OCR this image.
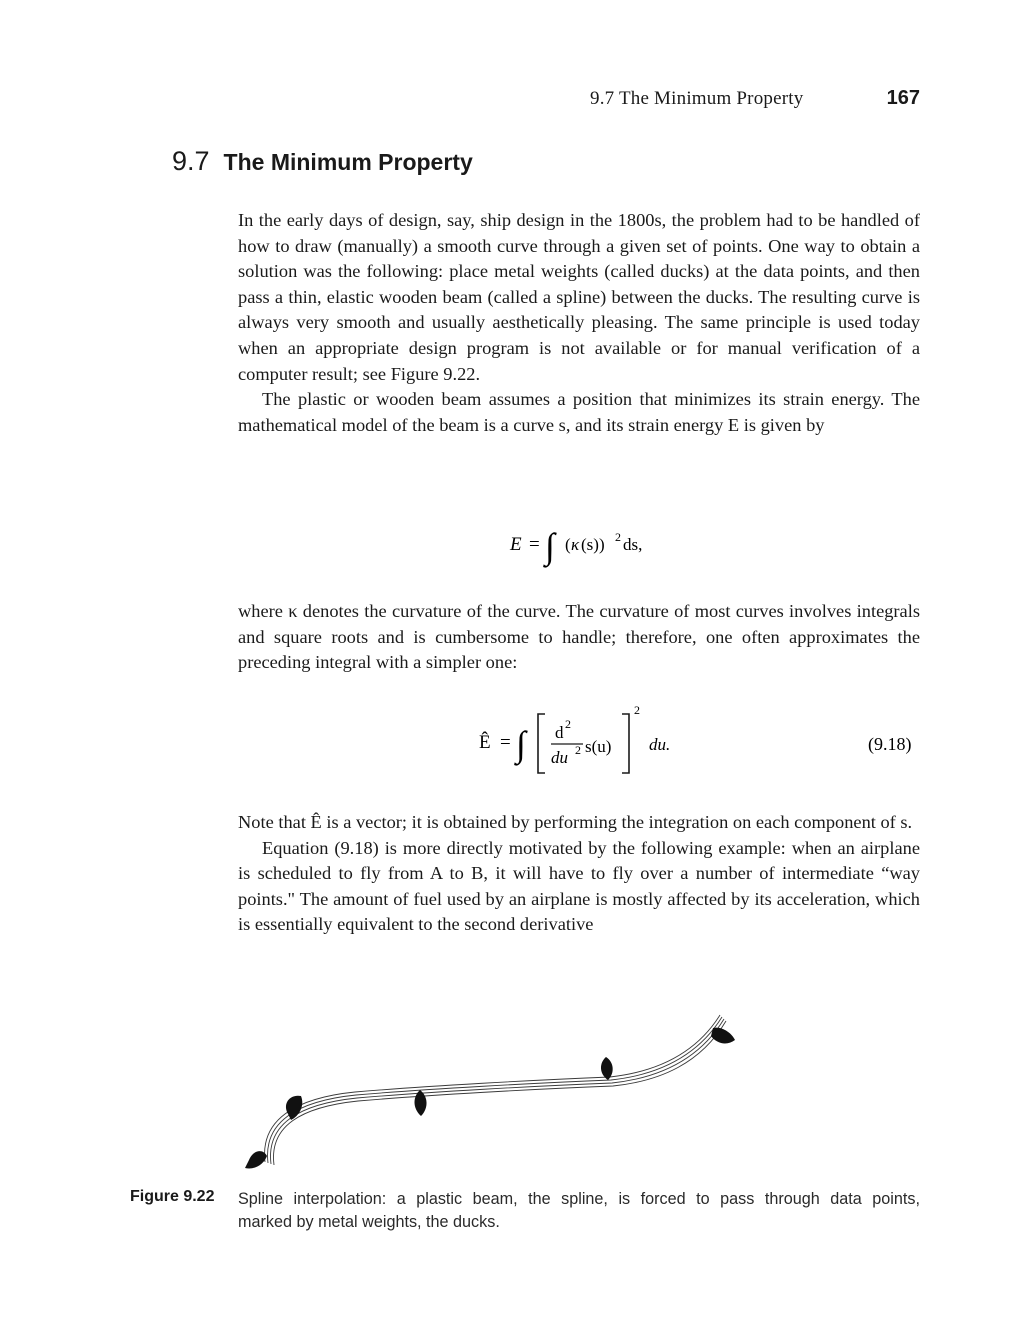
9.7 The Minimum Property	167
9.7 The Minimum Property

In the early days of design, say, ship design in the 1800s, the problem had to be handled of how to draw (manually) a smooth curve through a given set of points. One way to obtain a solution was the following: place metal weights (called ducks) at the data points, and then pass a thin, elastic wooden beam (called a spline) between the ducks. The resulting curve is always very smooth and usually aesthetically pleasing. The same principle is used today when an appropriate design program is not available or for manual verification of a computer result; see Figure 9.22.

The plastic or wooden beam assumes a position that minimizes its strain energy. The mathematical model of the beam is a curve s, and its strain energy E is given by

E = ∫ ( κ (s)) 2 ds,

where κ denotes the curvature of the curve. The curvature of most curves involves integrals and square roots and is cumbersome to handle; therefore, one often approximates the preceding integral with a simpler one:

Ê = ∫ d 2
du 2 s(u)
2
du.	(9.18)

Note that Ê is a vector; it is obtained by performing the integration on each component of s.

Equation (9.18) is more directly motivated by the following example: when an airplane is scheduled to fly from A to B, it will have to fly over a number of intermediate “way points." The amount of fuel used by an airplane is mostly affected by its acceleration, which is essentially equivalent to the second derivative

Figure 9.22 Spline interpolation: a plastic beam, the spline, is forced to pass through data points,
marked by metal weights, the ducks.
